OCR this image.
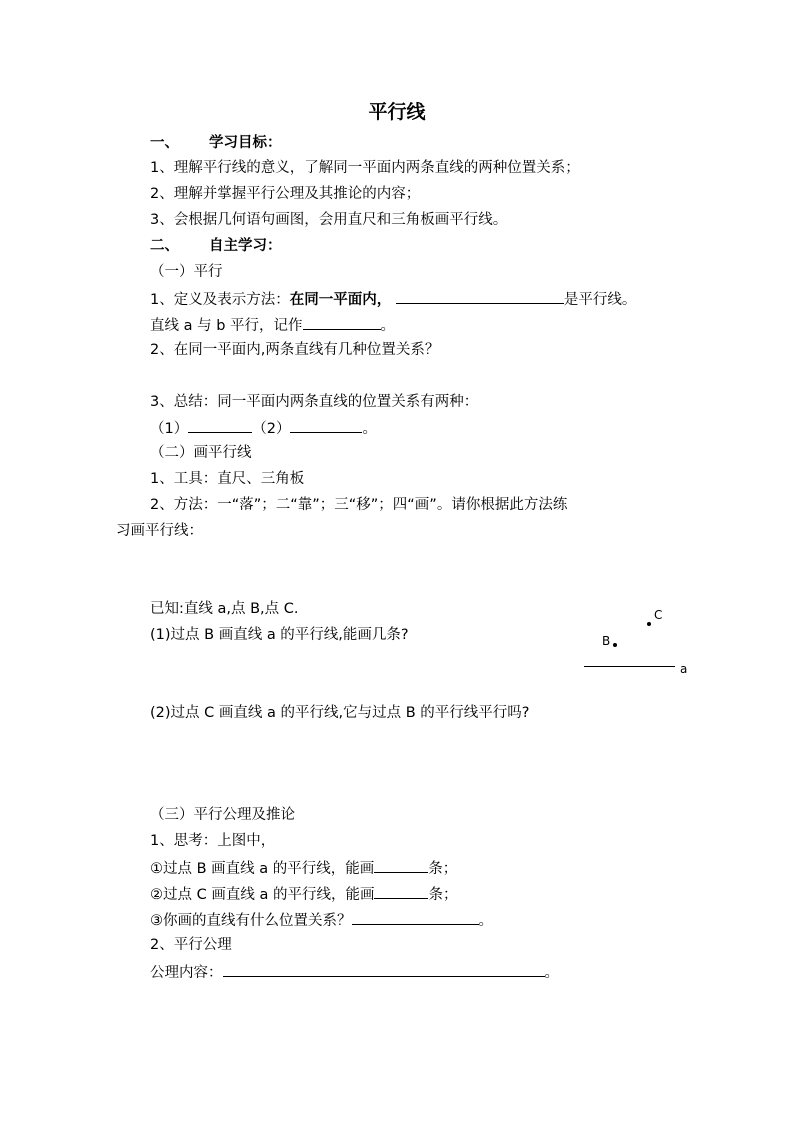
平行线
一、 学习目标：
1、理解平行线的意义，了解同一平面内两条直线的两种位置关系；
2、理解并掌握平行公理及其推论的内容；
3、会根据几何语句画图，会用直尺和三角板画平行线。
二、 自主学习：
（一）平行
1、定义及表示方法：在同一平面内，	是平行线。
直线 a 与 b 平行，记作	。
2、在同一平面内,两条直线有几种位置关系？
3、总结：同一平面内两条直线的位置关系有两种：
（1）	（2）	。
（二）画平行线
1、工具：直尺、三角板
2、方法：一“落”；二“靠”；三“移”；四“画”。请你根据此方法练
习画平行线：
已知:直线 a,点 B,点 C.
(1)过点 B 画直线 a 的平行线,能画几条?
C
B
a
(2)过点 C 画直线 a 的平行线,它与过点 B 的平行线平行吗?
（三）平行公理及推论
1、思考：上图中，
①过点 B 画直线 a 的平行线，能画	条；
②过点 C 画直线 a 的平行线，能画	条；
③你画的直线有什么位置关系？	。
2、平行公理
公理内容：	。
